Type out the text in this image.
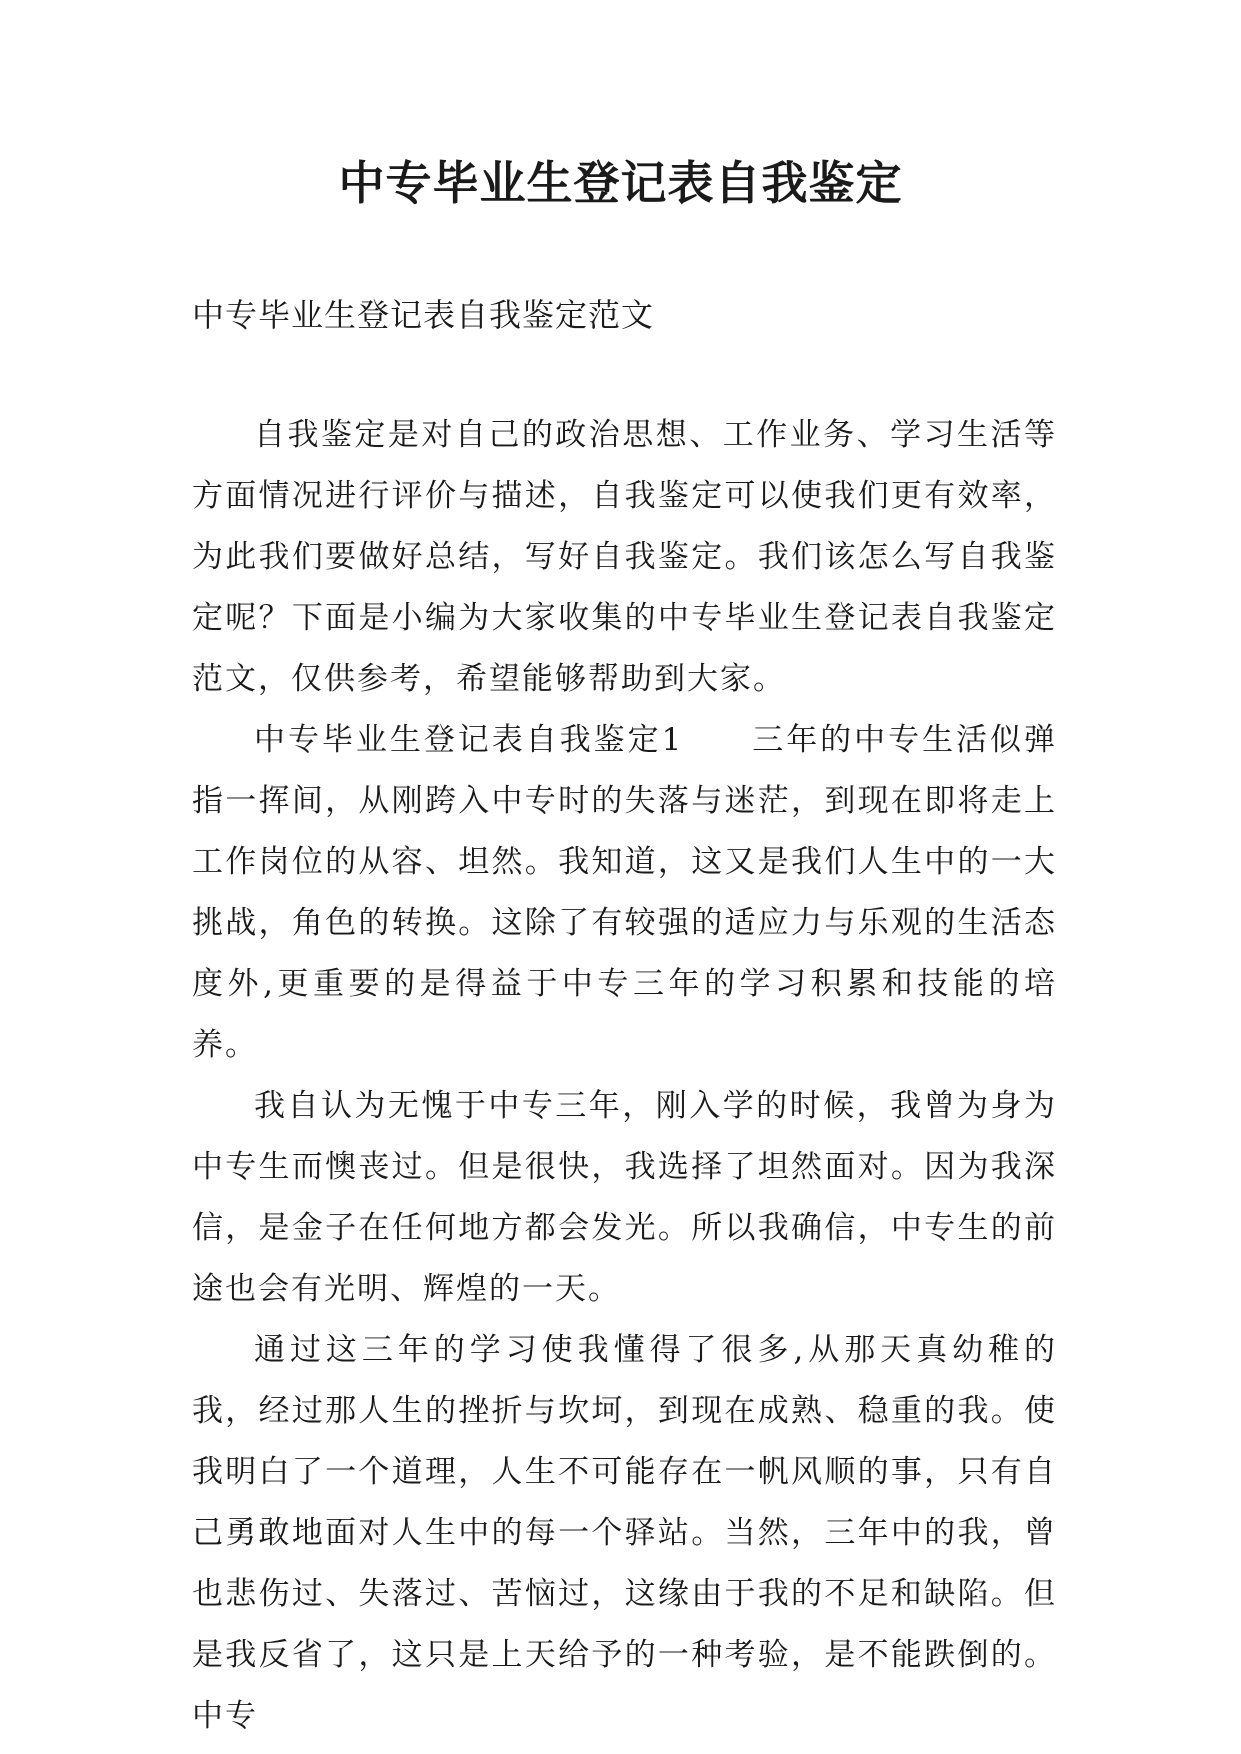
中专毕业生登记表自我鉴定

中专毕业生登记表自我鉴定范文

自我鉴定是对自己的政治思想、工作业务、学习生活等方面情况进行评价与描述，自我鉴定可以使我们更有效率，为此我们要做好总结，写好自我鉴定。我们该怎么写自我鉴定呢？下面是小编为大家收集的中专毕业生登记表自我鉴定范文，仅供参考，希望能够帮助到大家。

中专毕业生登记表自我鉴定1　　三年的中专生活似弹指一挥间，从刚跨入中专时的失落与迷茫，到现在即将走上工作岗位的从容、坦然。我知道，这又是我们人生中的一大挑战，角色的转换。这除了有较强的适应力与乐观的生活态度外,更重要的是得益于中专三年的学习积累和技能的培养。

我自认为无愧于中专三年，刚入学的时候，我曾为身为中专生而懊丧过。但是很快，我选择了坦然面对。因为我深信，是金子在任何地方都会发光。所以我确信，中专生的前途也会有光明、辉煌的一天。

通过这三年的学习使我懂得了很多,从那天真幼稚的我，经过那人生的挫折与坎坷，到现在成熟、稳重的我。使我明白了一个道理，人生不可能存在一帆风顺的事，只有自己勇敢地面对人生中的每一个驿站。当然，三年中的我，曾也悲伤过、失落过、苦恼过，这缘由于我的不足和缺陷。但是我反省了，这只是上天给予的一种考验，是不能跌倒的。中专
